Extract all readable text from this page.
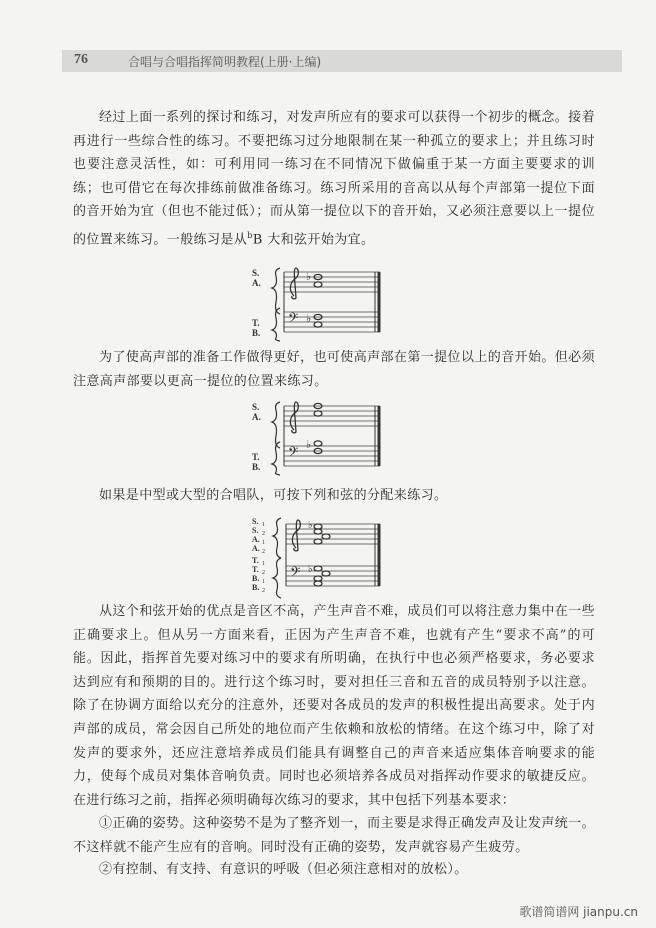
76	合唱与合唱指挥简明教程(上册·上编)

经过上面一系列的探讨和练习，对发声所应有的要求可以获得一个初步的概念。接着再进行一些综合性的练习。不要把练习过分地限制在某一种孤立的要求上；并且练习时也要注意灵活性，如：可利用同一练习在不同情况下做偏重于某一方面主要要求的训练；也可借它在每次排练前做准备练习。练习所采用的音高以从每个声部第一提位下面的音开始为宜（但也不能过低）；而从第一提位以下的音开始，又必须注意要以上一提位的位置来练习。一般练习是从$^b$B 大和弦开始为宜。

S.
A.
T.
B.
𝄢
♭
♭

为了使高声部的准备工作做得更好，也可使高声部在第一提位以上的音开始。但必须注意高声部要以更高一提位的位置来练习。

S.
A.
T.
B.
𝄢
♭

如果是中型或大型的合唱队，可按下列和弦的分配来练习。

S.
S.
A.
A.
T.
T.
B.
B.
1
2
1
2
1
2
1
2
𝄢
♭
♭

从这个和弦开始的优点是音区不高，产生声音不难，成员们可以将注意力集中在一些正确要求上。但从另一方面来看，正因为产生声音不难，也就有产生“要求不高”的可能。因此，指挥首先要对练习中的要求有所明确，在执行中也必须严格要求，务必要求达到应有和预期的目的。进行这个练习时，要对担任三音和五音的成员特别予以注意。除了在协调方面给以充分的注意外，还要对各成员的发声的积极性提出高要求。处于内声部的成员，常会因自己所处的地位而产生依赖和放松的情绪。在这个练习中，除了对发声的要求外，还应注意培养成员们能具有调整自己的声音来适应集体音响要求的能力，使每个成员对集体音响负责。同时也必须培养各成员对指挥动作要求的敏捷反应。在进行练习之前，指挥必须明确每次练习的要求，其中包括下列基本要求：

①正确的姿势。这种姿势不是为了整齐划一，而主要是求得正确发声及让发声统一。不这样就不能产生应有的音响。同时没有正确的姿势，发声就容易产生疲劳。

②有控制、有支持、有意识的呼吸（但必须注意相对的放松）。

歌谱简谱网 jianpu.cn
